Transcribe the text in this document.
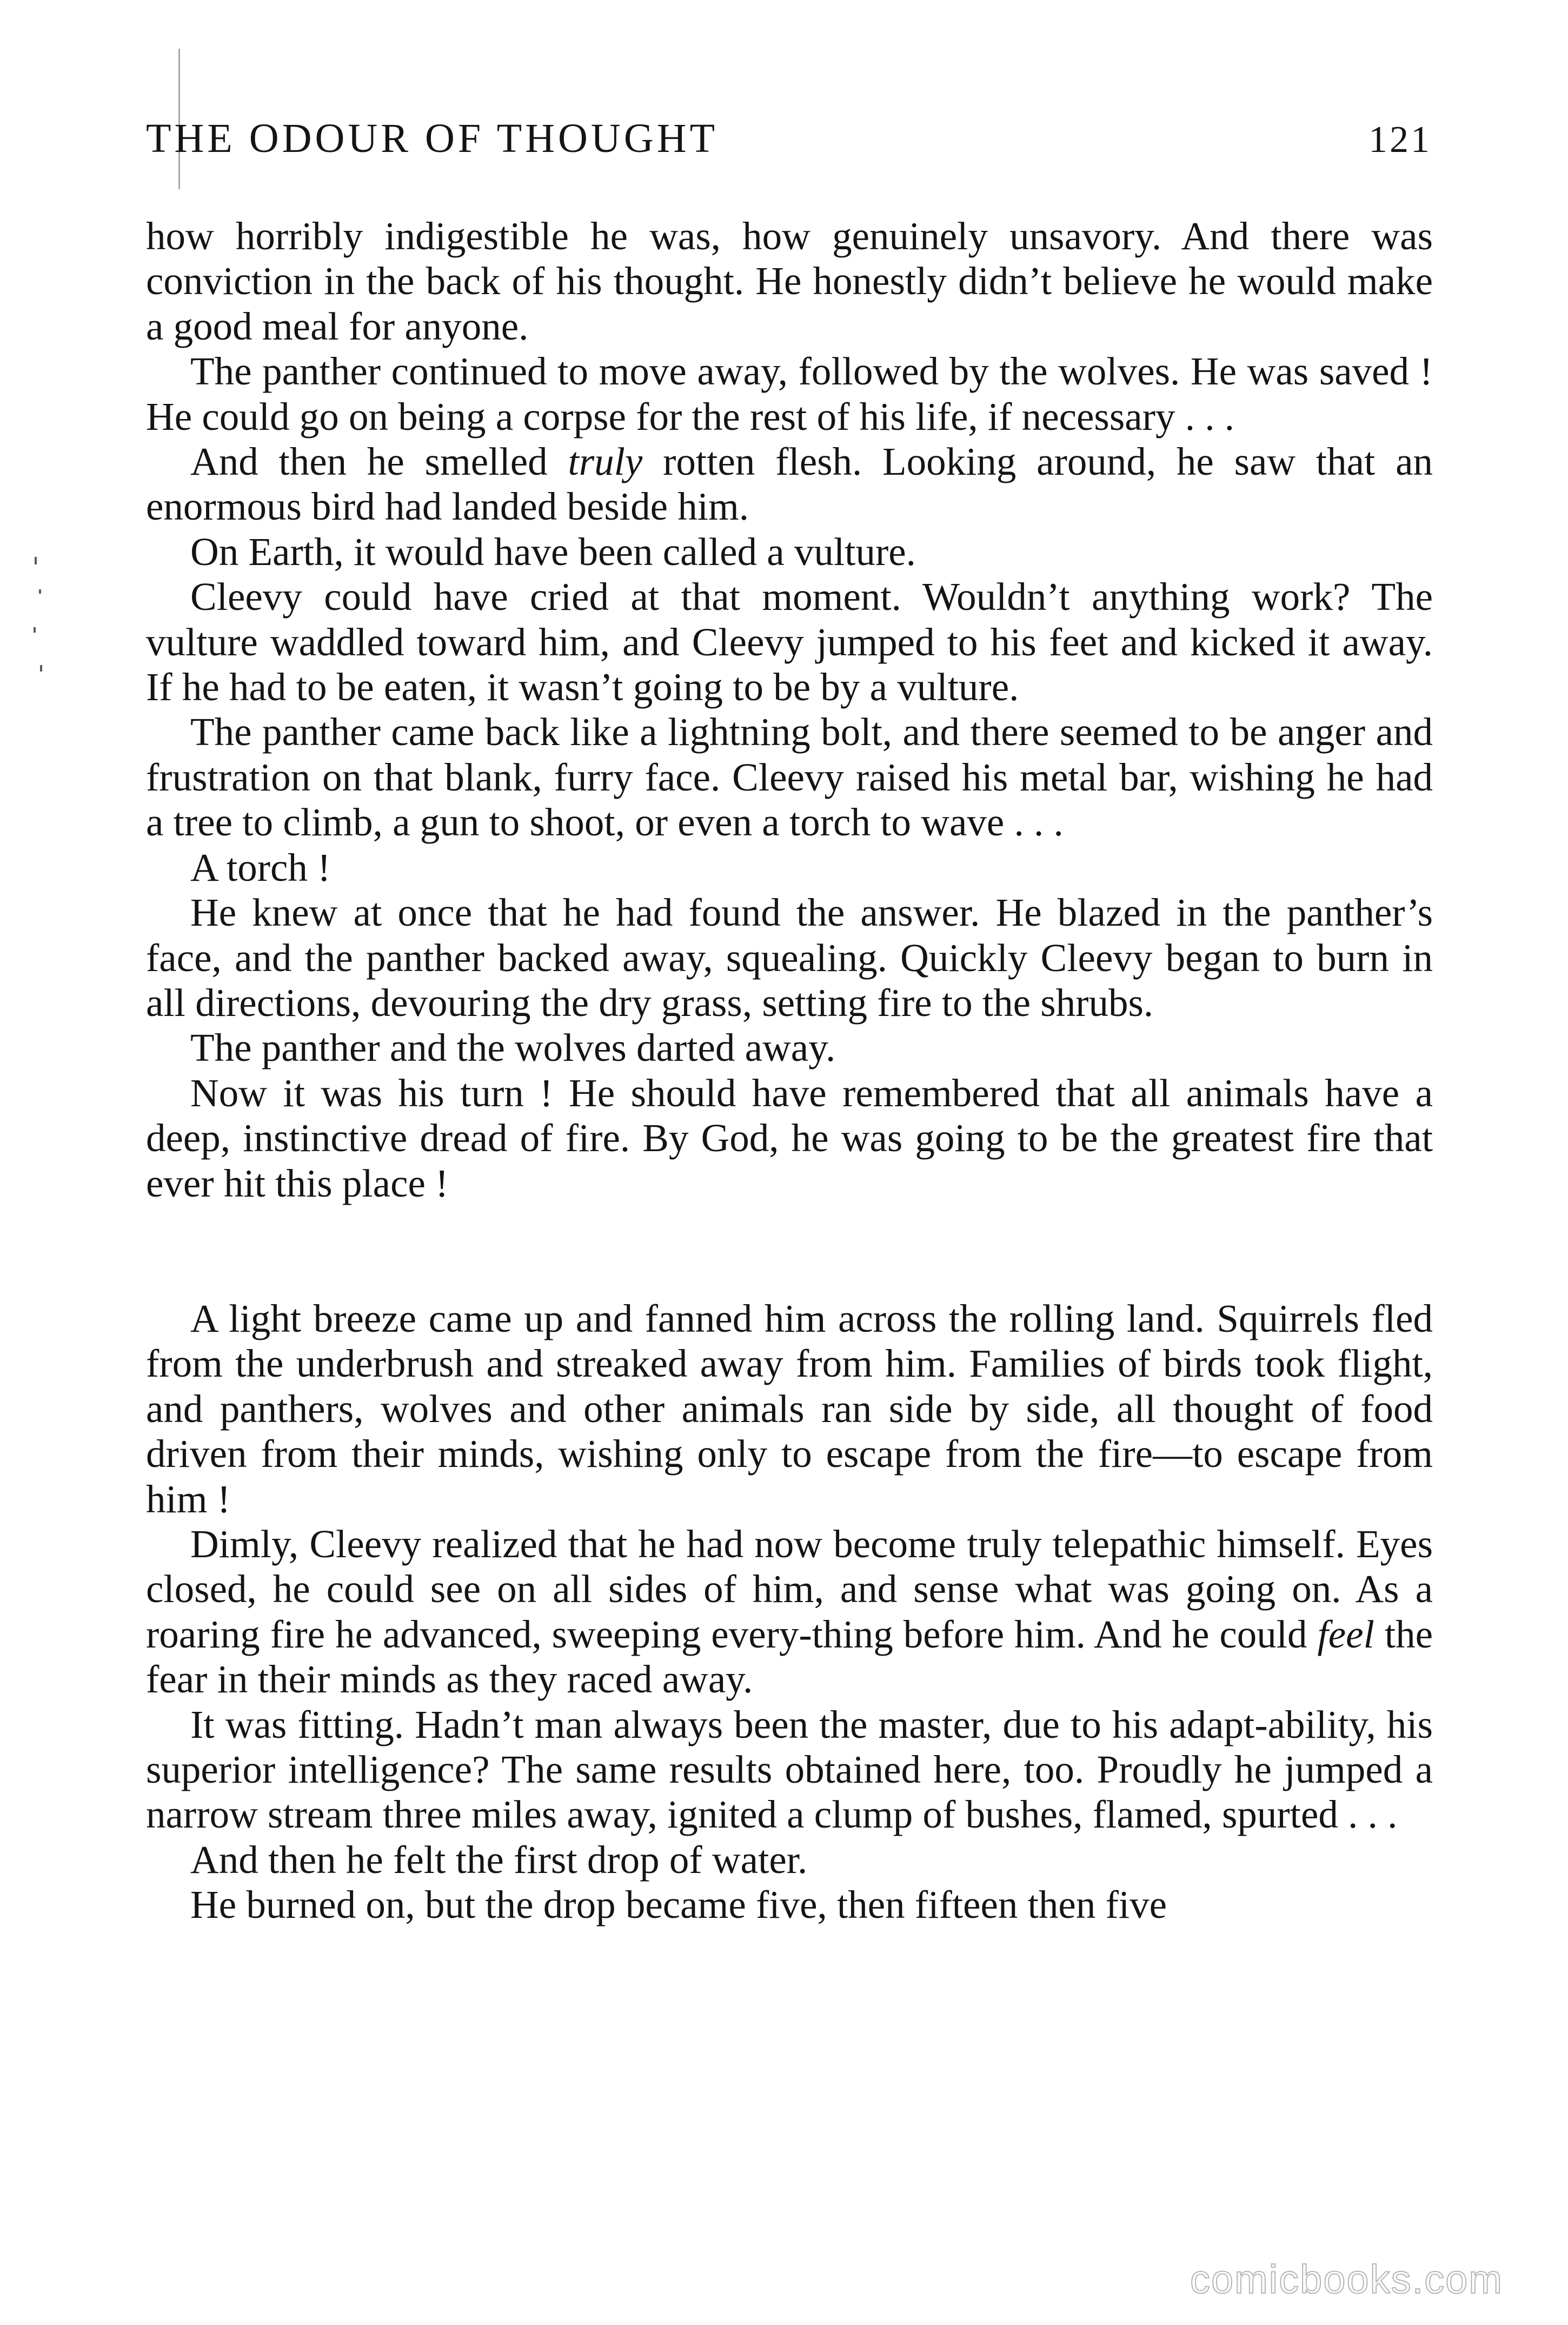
THE ODOUR OF THOUGHT	121

how horribly indigestible he was, how genuinely unsavory. And there was conviction in the back of his thought. He honestly didn’t believe he would make a good meal for anyone.

The panther continued to move away, followed by the wolves. He was saved ! He could go on being a corpse for the rest of his life, if necessary . . .

And then he smelled truly rotten flesh. Looking around, he saw that an enormous bird had landed beside him.

On Earth, it would have been called a vulture.

Cleevy could have cried at that moment. Wouldn’t anything work? The vulture waddled toward him, and Cleevy jumped to his feet and kicked it away. If he had to be eaten, it wasn’t going to be by a vulture.

The panther came back like a lightning bolt, and there seemed to be anger and frustration on that blank, furry face. Cleevy raised his metal bar, wishing he had a tree to climb, a gun to shoot, or even a torch to wave . . .

A torch !

He knew at once that he had found the answer. He blazed in the panther’s face, and the panther backed away, squealing. Quickly Cleevy began to burn in all directions, devouring the dry grass, setting fire to the shrubs.

The panther and the wolves darted away.

Now it was his turn ! He should have remembered that all animals have a deep, instinctive dread of fire. By God, he was going to be the greatest fire that ever hit this place !

A light breeze came up and fanned him across the rolling land. Squirrels fled from the underbrush and streaked away from him. Families of birds took flight, and panthers, wolves and other animals ran side by side, all thought of food driven from their minds, wishing only to escape from the fire—to escape from him !

Dimly, Cleevy realized that he had now become truly telepathic himself. Eyes closed, he could see on all sides of him, and sense what was going on. As a roaring fire he advanced, sweeping every-thing before him. And he could feel the fear in their minds as they raced away.

It was fitting. Hadn’t man always been the master, due to his adapt-ability, his superior intelligence? The same results obtained here, too. Proudly he jumped a narrow stream three miles away, ignited a clump of bushes, flamed, spurted . . .

And then he felt the first drop of water.

He burned on, but the drop became five, then fifteen then five

comicbooks.com
